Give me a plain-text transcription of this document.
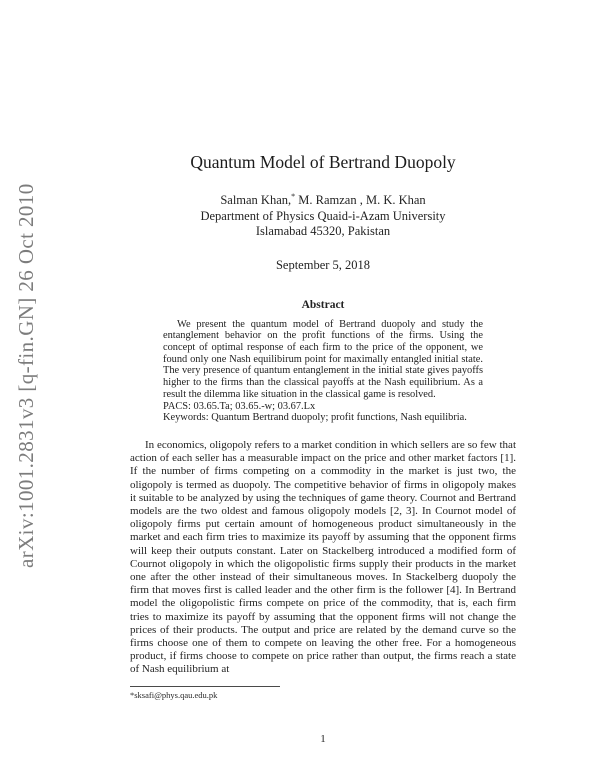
arXiv:1001.2831v3 [q-fin.GN] 26 Oct 2010
Quantum Model of Bertrand Duopoly
Salman Khan,* M. Ramzan , M. K. Khan
Department of Physics Quaid-i-Azam University
Islamabad 45320, Pakistan
September 5, 2018
Abstract

We present the quantum model of Bertrand duopoly and study the entanglement behavior on the profit functions of the firms. Using the concept of optimal response of each firm to the price of the opponent, we found only one Nash equilibirum point for maximally entangled initial state. The very presence of quantum entanglement in the initial state gives payoffs higher to the firms than the classical payoffs at the Nash equilibrium. As a result the dilemma like situation in the classical game is resolved.

PACS: 03.65.Ta; 03.65.-w; 03.67.Lx
Keywords: Quantum Bertrand duopoly; profit functions, Nash equilibria.

In economics, oligopoly refers to a market condition in which sellers are so few that action of each seller has a measurable impact on the price and other market factors [1]. If the number of firms competing on a commodity in the market is just two, the oligopoly is termed as duopoly. The competitive behavior of firms in oligopoly makes it suitable to be analyzed by using the techniques of game theory. Cournot and Bertrand models are the two oldest and famous oligopoly models [2, 3]. In Cournot model of oligopoly firms put certain amount of homogeneous product simultaneously in the market and each firm tries to maximize its payoff by assuming that the opponent firms will keep their outputs constant. Later on Stackelberg introduced a modified form of Cournot oligopoly in which the oligopolistic firms supply their products in the market one after the other instead of their simultaneous moves. In Stackelberg duopoly the firm that moves first is called leader and the other firm is the follower [4]. In Bertrand model the oligopolistic firms compete on price of the commodity, that is, each firm tries to maximize its payoff by assuming that the opponent firms will not change the prices of their products. The output and price are related by the demand curve so the firms choose one of them to compete on leaving the other free. For a homogeneous product, if firms choose to compete on price rather than output, the firms reach a state of Nash equilibrium at

*sksafi@phys.qau.edu.pk
1
